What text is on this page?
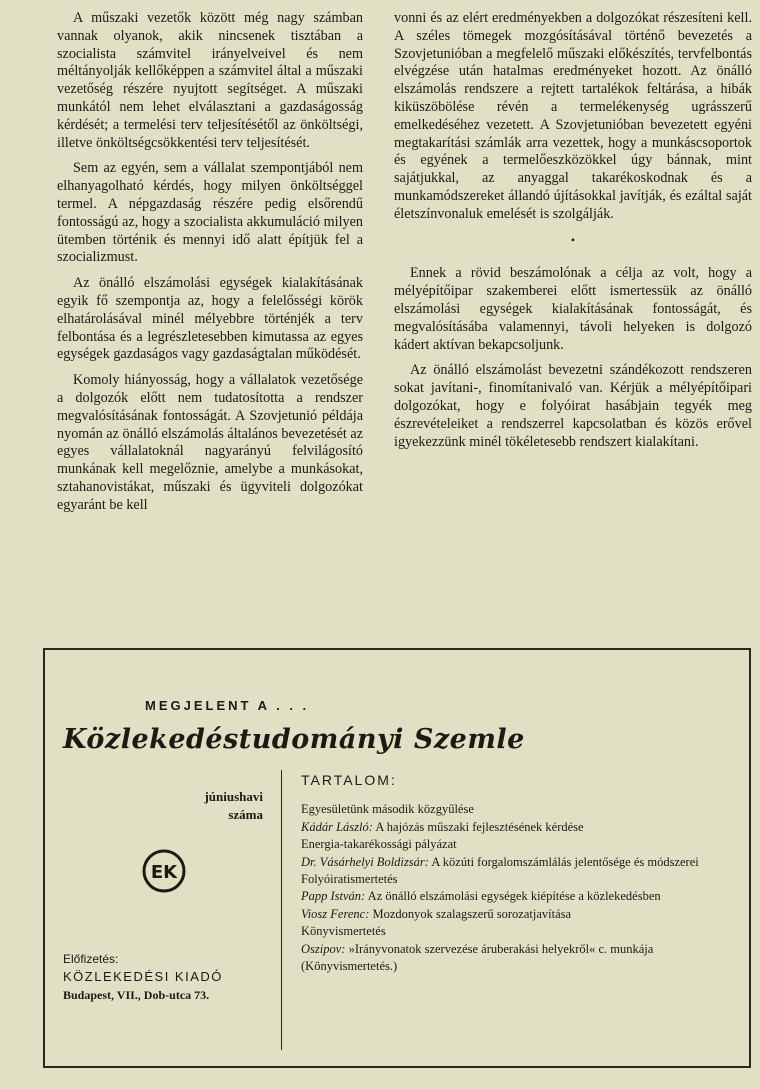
A műszaki vezetők között még nagy számban vannak olyanok, akik nincsenek tisztában a szocialista számvitel irányelveivel és nem méltányolják kellőképpen a számvitel által a műszaki vezetőség részére nyujtott segítséget. A műszaki munkától nem lehet elválasztani a gazdaságosság kérdését; a termelési terv teljesítésétől az önköltségi, illetve önköltségcsökkentési terv teljesítését.

Sem az egyén, sem a vállalat szempontjából nem elhanyagolható kérdés, hogy milyen önköltséggel termel. A népgazdaság részére pedig elsőrendű fontosságú az, hogy a szocialista akkumuláció milyen ütemben történik és mennyi idő alatt építjük fel a szocializmust.

Az önálló elszámolási egységek kialakításának egyik fő szempontja az, hogy a felelősségi körök elhatárolásával minél mélyebbre történjék a terv felbontása és a legrészletesebben kimutassa az egyes egységek gazdaságos vagy gazdaságtalan működését.

Komoly hiányosság, hogy a vállalatok vezetősége a dolgozók előtt nem tudatosította a rendszer megvalósításának fontosságát. A Szovjetunió példája nyomán az önálló elszámolás általános bevezetését az egyes vállalatoknál nagyarányú felvilágosító munkának kell megelőznie, amelybe a munkásokat, sztahanovistákat, műszaki és ügyviteli dolgozókat egyaránt be kell

vonni és az elért eredményekben a dolgozókat részesíteni kell. A széles tömegek mozgósításával történő bevezetés a Szovjetunióban a megfelelő műszaki előkészítés, tervfelbontás elvégzése után hatalmas eredményeket hozott. Az önálló elszámolás rendszere a rejtett tartalékok feltárása, a hibák kiküszöbölése révén a termelékenység ugrásszerű emelkedéséhez vezetett. A Szovjetunióban bevezetett egyéni megtakarítási számlák arra vezettek, hogy a munkáscsoportok és egyének a termelőeszközökkel úgy bánnak, mint sajátjukkal, az anyaggal takarékoskodnak és a munkamódszereket állandó újításokkal javítják, és ezáltal saját életszínvonaluk emelését is szolgálják.

•

Ennek a rövid beszámolónak a célja az volt, hogy a mélyépítőipar szakemberei előtt ismertessük az önálló elszámolási egységek kialakításának fontosságát, és megvalósításába valamennyi, távoli helyeken is dolgozó kádert aktívan bekapcsoljunk.

Az önálló elszámolást bevezetni szándékozott rendszeren sokat javítani-, finomítanivaló van. Kérjük a mélyépítőipari dolgozókat, hogy e folyóirat hasábjain tegyék meg észrevételeiket a rendszerrel kapcsolatban és közös erővel igyekezzünk minél tökéletesebb rendszert kialakítani.

MEGJELENT A . . .
Közlekedéstudományi Szemle
júniushavi
száma
EK
Előfizetés:
KÖZLEKEDÉSI KIADÓ
Budapest, VII., Dob-utca 73.
TARTALOM:
Egyesületünk második közgyűlése
Kádár László: A hajózás műszaki fejlesztésének kérdése
Energia-takarékossági pályázat
Dr. Vásárhelyi Boldizsár: A közúti forgalomszámlálás jelentősége és módszerei
Folyóiratismertetés
Papp István: Az önálló elszámolási egységek kiépítése a közlekedésben
Viosz Ferenc: Mozdonyok szalagszerű sorozatjavítása
Könyvismertetés
Oszipov: »Irányvonatok szervezése áruberakási helyekről« c. munkája (Könyvismertetés.)
